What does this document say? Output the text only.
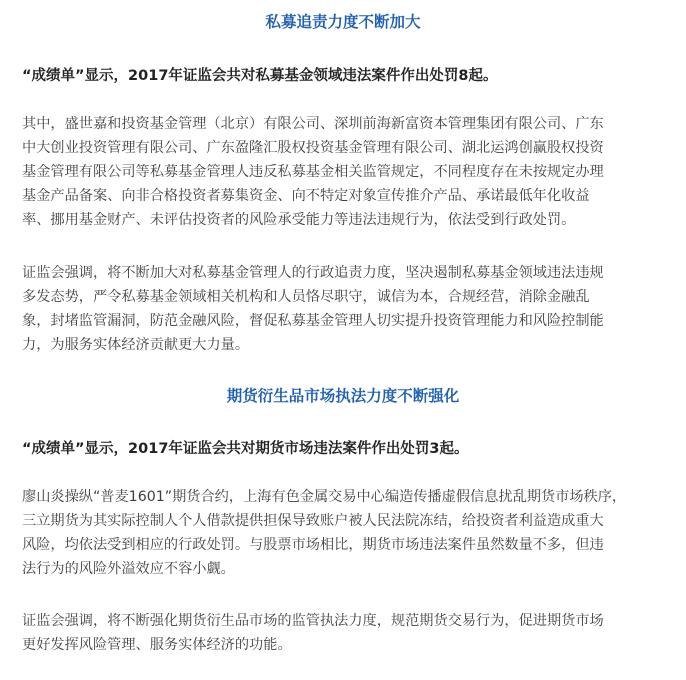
私募追责力度不断加大
“成绩单”显示，2017年证监会共对私募基金领域违法案件作出处罚8起。
其中，盛世嘉和投资基金管理（北京）有限公司、深圳前海新富资本管理集团有限公司、广东
中大创业投资管理有限公司、广东盈隆汇股权投资基金管理有限公司、湖北运鸿创赢股权投资
基金管理有限公司等私募基金管理人违反私募基金相关监管规定，不同程度存在未按规定办理
基金产品备案、向非合格投资者募集资金、向不特定对象宣传推介产品、承诺最低年化收益
率、挪用基金财产、未评估投资者的风险承受能力等违法违规行为，依法受到行政处罚。
证监会强调，将不断加大对私募基金管理人的行政追责力度，坚决遏制私募基金领域违法违规
多发态势，严令私募基金领域相关机构和人员恪尽职守，诚信为本，合规经营，消除金融乱
象，封堵监管漏洞，防范金融风险，督促私募基金管理人切实提升投资管理能力和风险控制能
力，为服务实体经济贡献更大力量。
期货衍生品市场执法力度不断强化
“成绩单”显示，2017年证监会共对期货市场违法案件作出处罚3起。
廖山炎操纵“普麦1601”期货合约，上海有色金属交易中心编造传播虚假信息扰乱期货市场秩序，
三立期货为其实际控制人个人借款提供担保导致账户被人民法院冻结，给投资者利益造成重大
风险，均依法受到相应的行政处罚。与股票市场相比，期货市场违法案件虽然数量不多，但违
法行为的风险外溢效应不容小觑。
证监会强调，将不断强化期货衍生品市场的监管执法力度，规范期货交易行为，促进期货市场
更好发挥风险管理、服务实体经济的功能。
